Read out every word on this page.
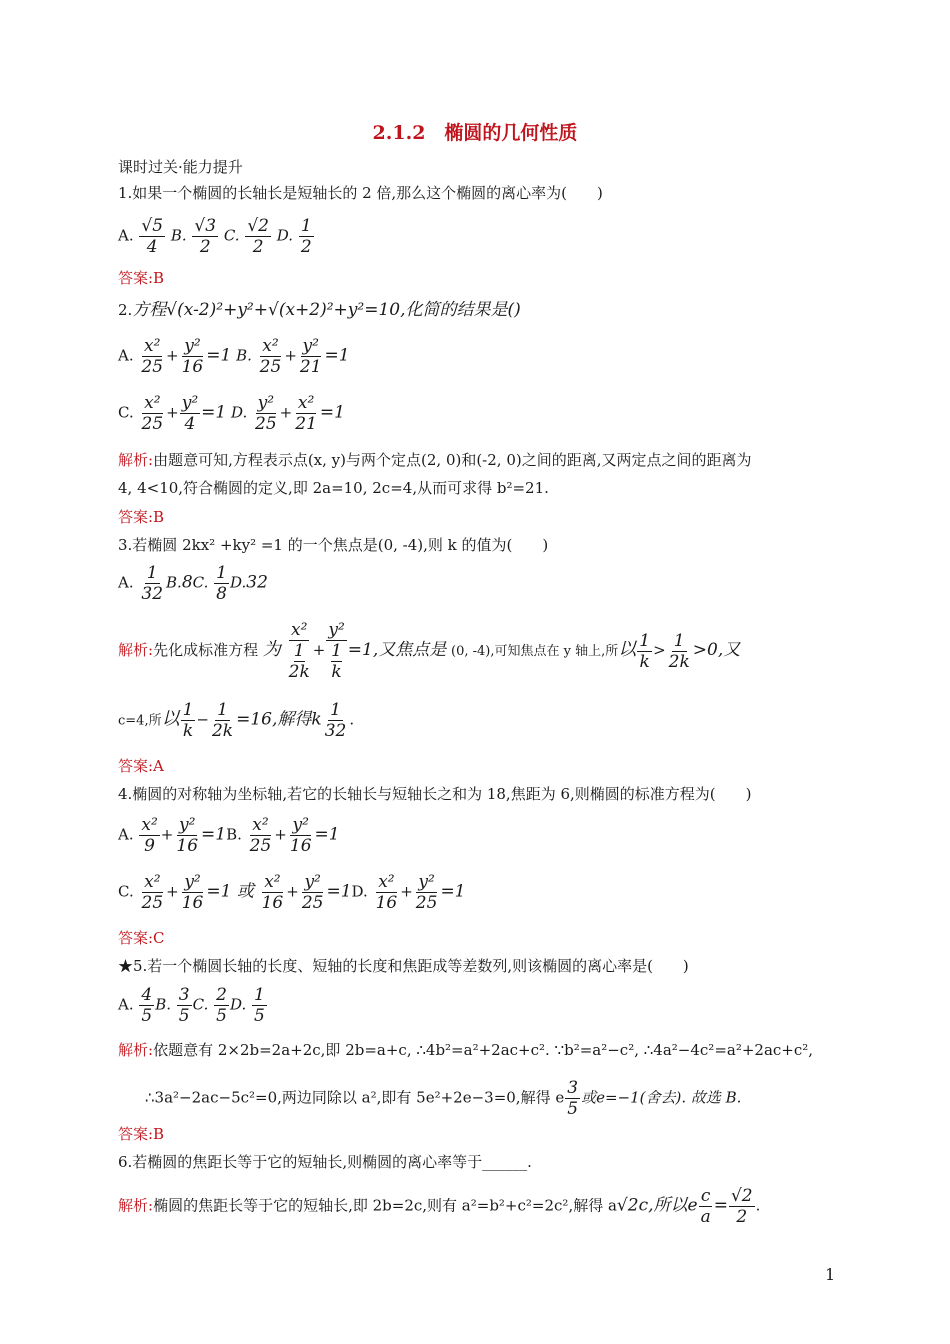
2.1.2　椭圆的几何性质
课时过关·能力提升
1.如果一个椭圆的长轴长是短轴长的 2 倍,那么这个椭圆的离心率为(　　)
A. $\frac{√5}{4} B$. $\frac{√3}{2} C$. $\frac{√2}{2} D$. $\frac{1}{2}$
答案:B
2.方程√(x-2)²+y²+√(x+2)²+y²=10,化简的结果是()
A. $\frac{\text{x²}}{25} + \frac{\text{y²}}{16} =1$ B. $\frac{\text{x²}}{25} + \frac{\text{y²}}{21} =1$
C. $\frac{\text{x²}}{25} + \frac{\text{y²}}{4} =1$ D. $\frac{\text{y²}}{25} + \frac{\text{x²}}{21} =1$
解析:由题意可知,方程表示点(x, y)与两个定点(2, 0)和(-2, 0)之间的距离,又两定点之间的距离为
4, 4<10,符合椭圆的定义,即 2a=10, 2c=4,从而可求得 b²=21.
答案:B
3.若椭圆 2kx² +ky² =1 的一个焦点是(0, -4),则 k 的值为(　　)
A. $\frac{1}{32} B.8C$. $\frac{1}{8} D.32$
解析:先化成标准方程 为 x²
1
2k + y²
1
k =1,又焦点是 (0, -4),可知焦点在 y 轴上,所以 $\frac{1}{k} > \frac{1}{2k} >0$,又
c=4,所以 $\frac{1}{k} - \frac{1}{2k} =16$,解得k $\frac{1}{32}$ .
答案:A
4.椭圆的对称轴为坐标轴,若它的长轴长与短轴长之和为 18,焦距为 6,则椭圆的标准方程为(　　)
A. $\frac{\text{x²}}{9} + \frac{\text{y²}}{16} =1B$. $\frac{\text{x²}}{25} + \frac{\text{y²}}{16} =1$
C. $\frac{\text{x²}}{25} + \frac{\text{y²}}{16} =1$ 或 $\frac{\text{x²}}{16} + \frac{\text{y²}}{25} =1D$. $\frac{\text{x²}}{16} + \frac{\text{y²}}{25} =1$
答案:C
★5.若一个椭圆长轴的长度、短轴的长度和焦距成等差数列,则该椭圆的离心率是(　　)
A. $\frac{4}{5} B$. $\frac{3}{5} C$. $\frac{2}{5} D$. $\frac{1}{5}$
解析:依题意有 2×2b=2a+2c,即 2b=a+c, ∴4b²=a²+2ac+c². ∵b²=a²−c², ∴4a²−4c²=a²+2ac+c²,
∴3a²−2ac−5c²=0,两边同除以 a²,即有 5e²+2e−3=0,解得 e $\frac{3}{5}$ 或e=−1(舍去). 故选 B.
答案:B
6.若椭圆的焦距长等于它的短轴长,则椭圆的离心率等于______.
解析:椭圆的焦距长等于它的短轴长,即 2b=2c,则有 a²=b²+c²=2c²,解得 a√2c,所以e $\frac{c}{a} = \frac{√2}{2}$ .
1
